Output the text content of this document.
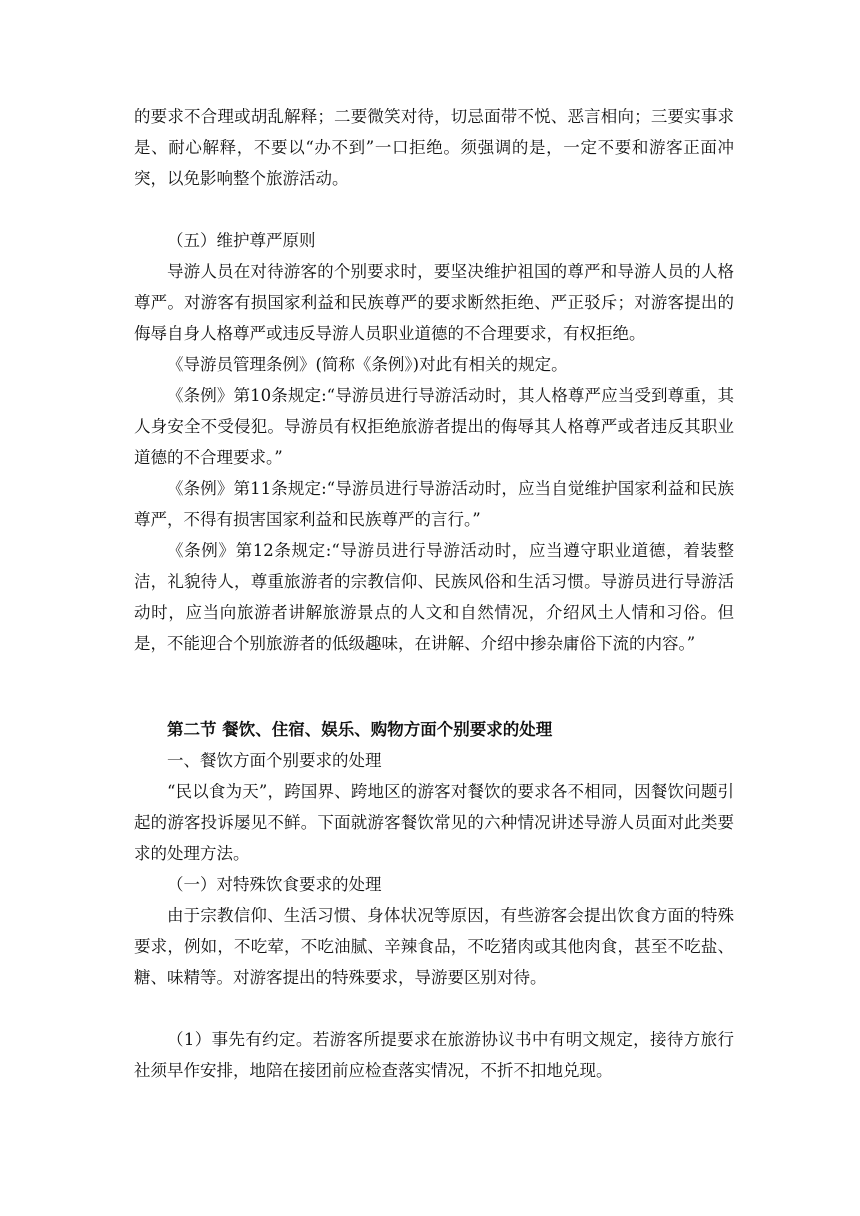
的要求不合理或胡乱解释；二要微笑对待，切忌面带不悦、恶言相向；三要实事求是、耐心解释，不要以“办不到”一口拒绝。须强调的是，一定不要和游客正面冲突，以免影响整个旅游活动。

（五）维护尊严原则

导游人员在对待游客的个别要求时，要坚决维护祖国的尊严和导游人员的人格尊严。对游客有损国家利益和民族尊严的要求断然拒绝、严正驳斥；对游客提出的侮辱自身人格尊严或违反导游人员职业道德的不合理要求，有权拒绝。

《导游员管理条例》(简称《条例》)对此有相关的规定。

《条例》第10条规定:“导游员进行导游活动时，其人格尊严应当受到尊重，其人身安全不受侵犯。导游员有权拒绝旅游者提出的侮辱其人格尊严或者违反其职业道德的不合理要求。”

《条例》第11条规定:“导游员进行导游活动时，应当自觉维护国家利益和民族尊严，不得有损害国家利益和民族尊严的言行。”

《条例》第12条规定:“导游员进行导游活动时，应当遵守职业道德，着装整洁，礼貌待人，尊重旅游者的宗教信仰、民族风俗和生活习惯。导游员进行导游活动时，应当向旅游者讲解旅游景点的人文和自然情况，介绍风土人情和习俗。但是，不能迎合个别旅游者的低级趣味，在讲解、介绍中掺杂庸俗下流的内容。”

第二节 餐饮、住宿、娱乐、购物方面个别要求的处理

一、餐饮方面个别要求的处理

“民以食为天”，跨国界、跨地区的游客对餐饮的要求各不相同，因餐饮问题引起的游客投诉屡见不鲜。下面就游客餐饮常见的六种情况讲述导游人员面对此类要求的处理方法。

（一）对特殊饮食要求的处理

由于宗教信仰、生活习惯、身体状况等原因，有些游客会提出饮食方面的特殊要求，例如，不吃荤，不吃油腻、辛辣食品，不吃猪肉或其他肉食，甚至不吃盐、糖、味精等。对游客提出的特殊要求，导游要区别对待。

（1）事先有约定。若游客所提要求在旅游协议书中有明文规定，接待方旅行社须早作安排，地陪在接团前应检查落实情况，不折不扣地兑现。
